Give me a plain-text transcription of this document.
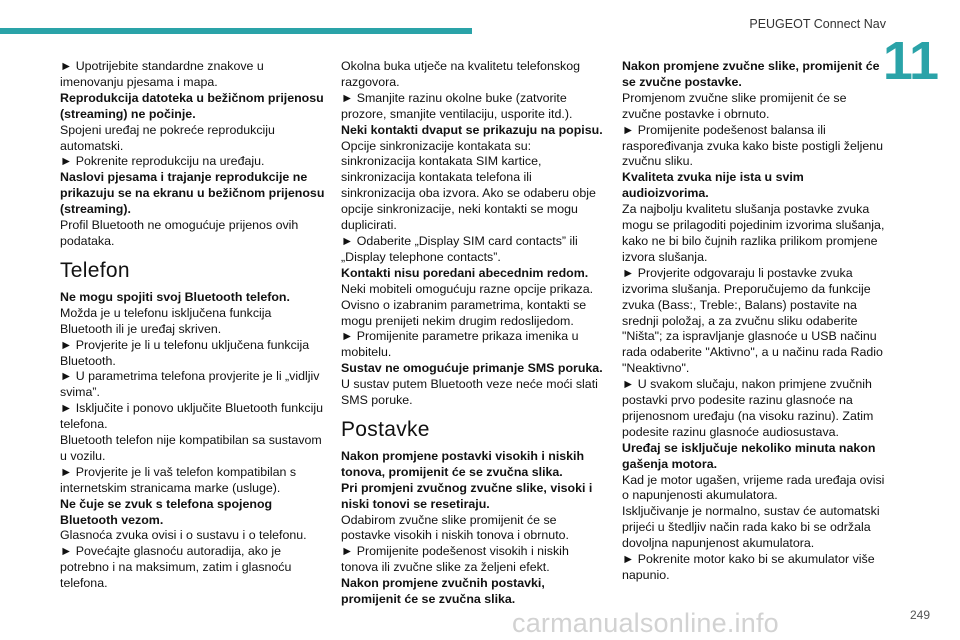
PEUGEOT Connect Nav
11

► Upotrijebite standardne znakove u imenovanju pjesama i mapa.

Reprodukcija datoteka u bežičnom prijenosu (streaming) ne počinje.

Spojeni uređaj ne pokreće reprodukciju automatski.

► Pokrenite reprodukciju na uređaju.

Naslovi pjesama i trajanje reprodukcije ne prikazuju se na ekranu u bežičnom prijenosu (streaming).

Profil Bluetooth ne omogućuje prijenos ovih podataka.

Telefon

Ne mogu spojiti svoj Bluetooth telefon.

Možda je u telefonu isključena funkcija Bluetooth ili je uređaj skriven.

► Provjerite je li u telefonu uključena funkcija Bluetooth.

► U parametrima telefona provjerite je li „vidljiv svima”.

► Isključite i ponovo uključite Bluetooth funkciju telefona.

Bluetooth telefon nije kompatibilan sa sustavom u vozilu.

► Provjerite je li vaš telefon kompatibilan s internetskim stranicama marke (usluge).

Ne čuje se zvuk s telefona spojenog Bluetooth vezom.

Glasnoća zvuka ovisi i o sustavu i o telefonu.

► Povećajte glasnoću autoradija, ako je potrebno i na maksimum, zatim i glasnoću telefona.

Okolna buka utječe na kvalitetu telefonskog razgovora.

► Smanjite razinu okolne buke (zatvorite prozore, smanjite ventilaciju, usporite itd.).

Neki kontakti dvaput se prikazuju na popisu.

Opcije sinkronizacije kontakata su: sinkronizacija kontakata SIM kartice, sinkronizacija kontakata telefona ili sinkronizacija oba izvora. Ako se odaberu obje opcije sinkronizacije, neki kontakti se mogu duplicirati.

► Odaberite „Display SIM card contacts” ili „Display telephone contacts”.

Kontakti nisu poredani abecednim redom.

Neki mobiteli omogućuju razne opcije prikaza. Ovisno o izabranim parametrima, kontakti se mogu prenijeti nekim drugim redoslijedom.

► Promijenite parametre prikaza imenika u mobitelu.

Sustav ne omogućuje primanje SMS poruka.

U sustav putem Bluetooth veze neće moći slati SMS poruke.

Postavke

Nakon promjene postavki visokih i niskih tonova, promijenit će se zvučna slika.

Pri promjeni zvučnog zvučne slike, visoki i niski tonovi se resetiraju.

Odabirom zvučne slike promijenit će se postavke visokih i niskih tonova i obrnuto.

► Promijenite podešenost visokih i niskih tonova ili zvučne slike za željeni efekt.

Nakon promjene zvučnih postavki, promijenit će se zvučna slika.

Nakon promjene zvučne slike, promijenit će se zvučne postavke.

Promjenom zvučne slike promijenit će se zvučne postavke i obrnuto.

► Promijenite podešenost balansa ili raspoređivanja zvuka kako biste postigli željenu zvučnu sliku.

Kvaliteta zvuka nije ista u svim audioizvorima.

Za najbolju kvalitetu slušanja postavke zvuka mogu se prilagoditi pojedinim izvorima slušanja, kako ne bi bilo čujnih razlika prilikom promjene izvora slušanja.

► Provjerite odgovaraju li postavke zvuka izvorima slušanja. Preporučujemo da funkcije zvuka (Bass:, Treble:, Balans) postavite na srednji položaj, a za zvučnu sliku odaberite "Ništa"; za ispravljanje glasnoće u USB načinu rada odaberite "Aktivno", a u načinu rada Radio "Neaktivno".

► U svakom slučaju, nakon primjene zvučnih postavki prvo podesite razinu glasnoće na prijenosnom uređaju (na visoku razinu). Zatim podesite razinu glasnoće audiosustava.

Uređaj se isključuje nekoliko minuta nakon gašenja motora.

Kad je motor ugašen, vrijeme rada uređaja ovisi o napunjenosti akumulatora.

Isključivanje je normalno, sustav će automatski prijeći u štedljiv način rada kako bi se održala dovoljna napunjenost akumulatora.

► Pokrenite motor kako bi se akumulator više napunio.

carmanualsonline.info	249
